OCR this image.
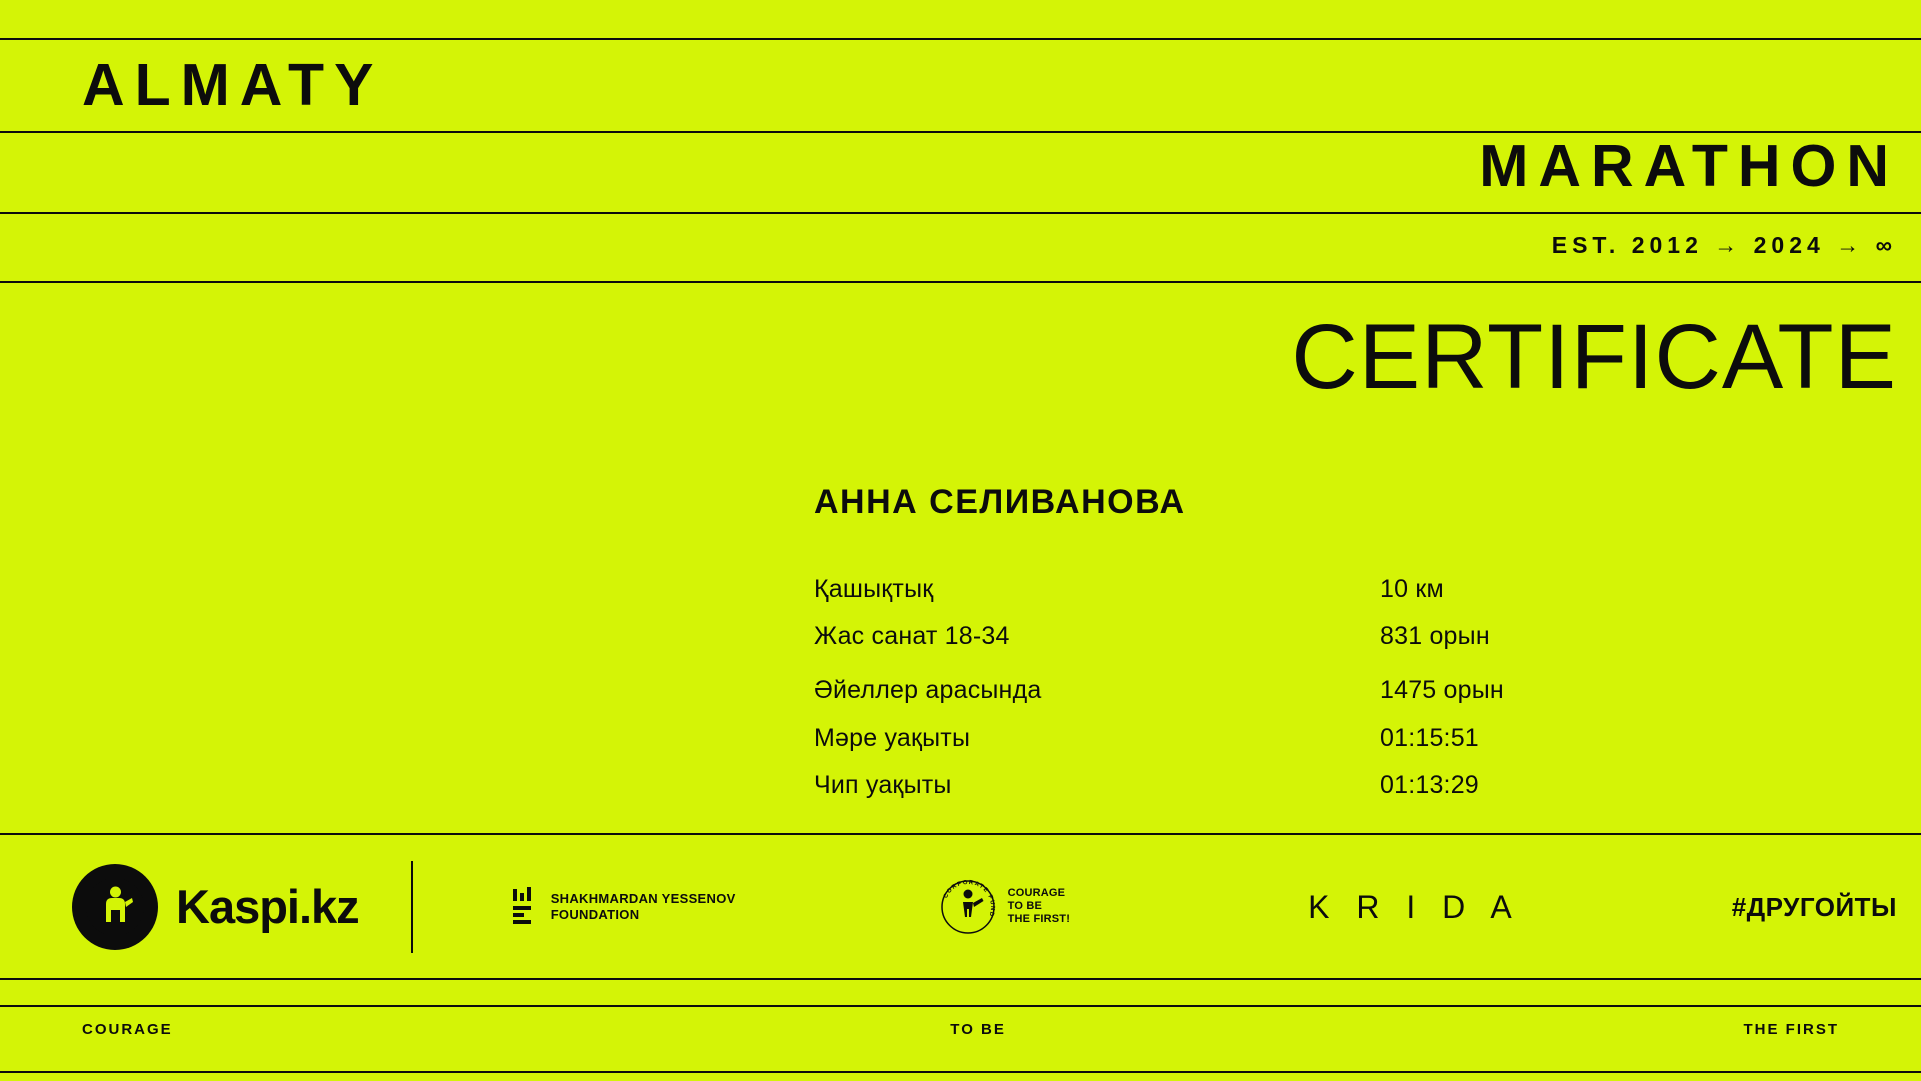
ALMATY
MARATHON
EST. 2012 → 2024 → ∞
CERTIFICATE
АННА СЕЛИВАНОВА
Қашықтық	10 км
Жас санат 18-34	831 орын
Әйеллер арасында	1475 орын
Мәре уақыты	01:15:51
Чип уақыты	01:13:29
Kaspi.kz	SHAKHMARDAN YESSENOV
FOUNDATION
CORPORATE FUND
COURAGE
TO BE
THE FIRST!	K R I D A	#ДРУГОЙТЫ
COURAGE	TO BE	THE FIRST
